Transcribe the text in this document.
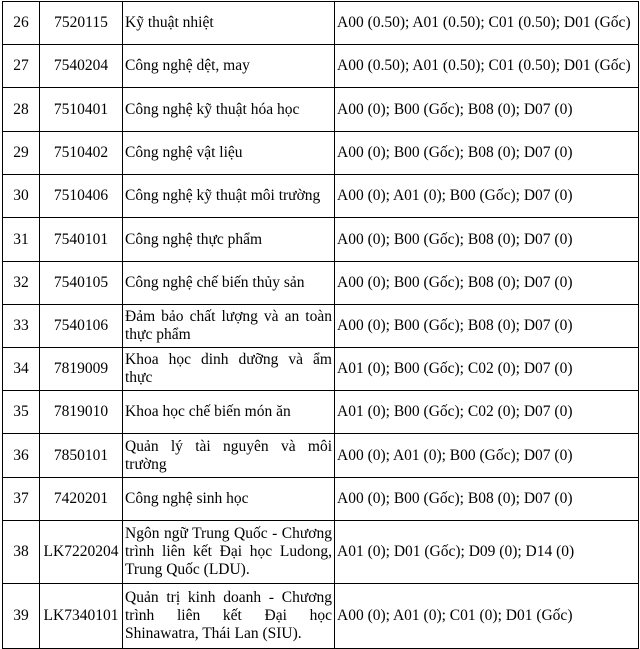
26	7520115	Kỹ thuật nhiệt	A00 (0.50); A01 (0.50); C01 (0.50); D01 (Gốc)
27	7540204	Công nghệ dệt, may	A00 (0.50); A01 (0.50); C01 (0.50); D01 (Gốc)
28	7510401	Công nghệ kỹ thuật hóa học	A00 (0); B00 (Gốc); B08 (0); D07 (0)
29	7510402	Công nghệ vật liệu	A00 (0); B00 (Gốc); B08 (0); D07 (0)
30	7510406	Công nghệ kỹ thuật môi trường	A00 (0); A01 (0); B00 (Gốc); D07 (0)
31	7540101	Công nghệ thực phẩm	A00 (0); B00 (Gốc); B08 (0); D07 (0)
32	7540105	Công nghệ chế biến thủy sản	A00 (0); B00 (Gốc); B08 (0); D07 (0)
33	7540106	Đảm bảo chất lượng và an toàn thực phẩm	A00 (0); B00 (Gốc); B08 (0); D07 (0)
34	7819009	Khoa học dinh dưỡng và ẩm thực	A01 (0); B00 (Gốc); C02 (0); D07 (0)
35	7819010	Khoa học chế biến món ăn	A01 (0); B00 (Gốc); C02 (0); D07 (0)
36	7850101	Quản lý tài nguyên và môi trường	A00 (0); A01 (0); B00 (Gốc); D07 (0)
37	7420201	Công nghệ sinh học	A00 (0); B00 (Gốc); B08 (0); D07 (0)
38	LK7220204	Ngôn ngữ Trung Quốc - Chương trình liên kết Đại học Ludong, Trung Quốc (LDU).	A01 (0); D01 (Gốc); D09 (0); D14 (0)
39	LK7340101	Quản trị kinh doanh - Chương trình liên kết Đại học Shinawatra, Thái Lan (SIU).	A00 (0); A01 (0); C01 (0); D01 (Gốc)
